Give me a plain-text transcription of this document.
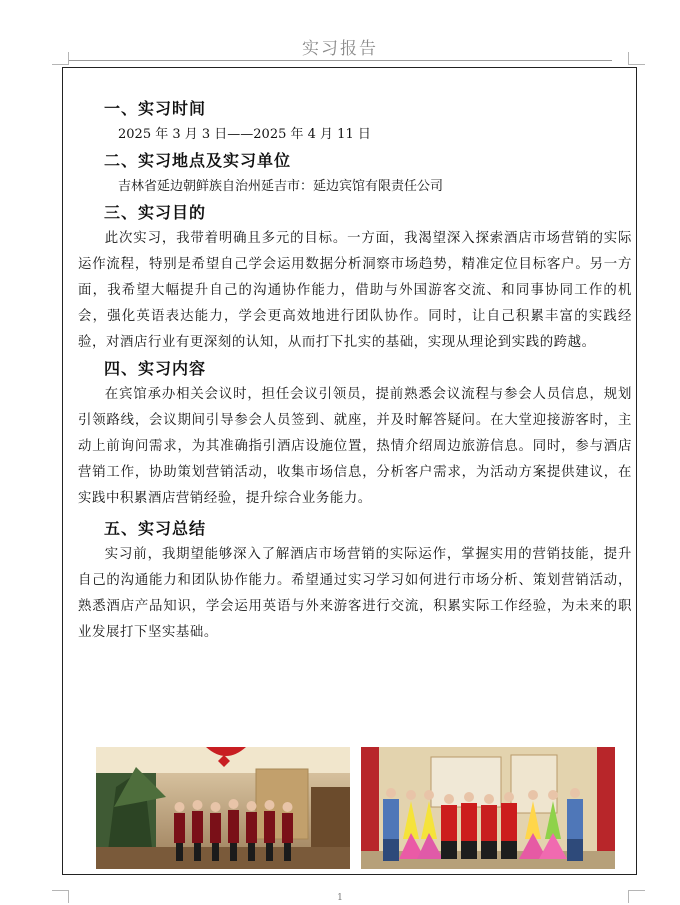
实习报告
一、实习时间
2025 年 3 月 3 日——2025 年 4 月 11 日
二、实习地点及实习单位
吉林省延边朝鲜族自治州延吉市：延边宾馆有限责任公司
三、实习目的

此次实习，我带着明确且多元的目标。一方面，我渴望深入探索酒店市场营销的实际运作流程，特别是希望自己学会运用数据分析洞察市场趋势，精准定位目标客户。另一方面，我希望大幅提升自己的沟通协作能力，借助与外国游客交流、和同事协同工作的机会，强化英语表达能力，学会更高效地进行团队协作。同时，让自己积累丰富的实践经验，对酒店行业有更深刻的认知，从而打下扎实的基础，实现从理论到实践的跨越。

四、实习内容

在宾馆承办相关会议时，担任会议引领员，提前熟悉会议流程与参会人员信息，规划引领路线，会议期间引导参会人员签到、就座，并及时解答疑问。在大堂迎接游客时，主动上前询问需求，为其准确指引酒店设施位置，热情介绍周边旅游信息。同时，参与酒店营销工作，协助策划营销活动，收集市场信息，分析客户需求，为活动方案提供建议，在实践中积累酒店营销经验，提升综合业务能力。

五、实习总结

实习前，我期望能够深入了解酒店市场营销的实际运作，掌握实用的营销技能，提升自己的沟通能力和团队协作能力。希望通过实习学习如何进行市场分析、策划营销活动，熟悉酒店产品知识，学会运用英语与外来游客进行交流，积累实际工作经验，为未来的职业发展打下坚实基础。

1
